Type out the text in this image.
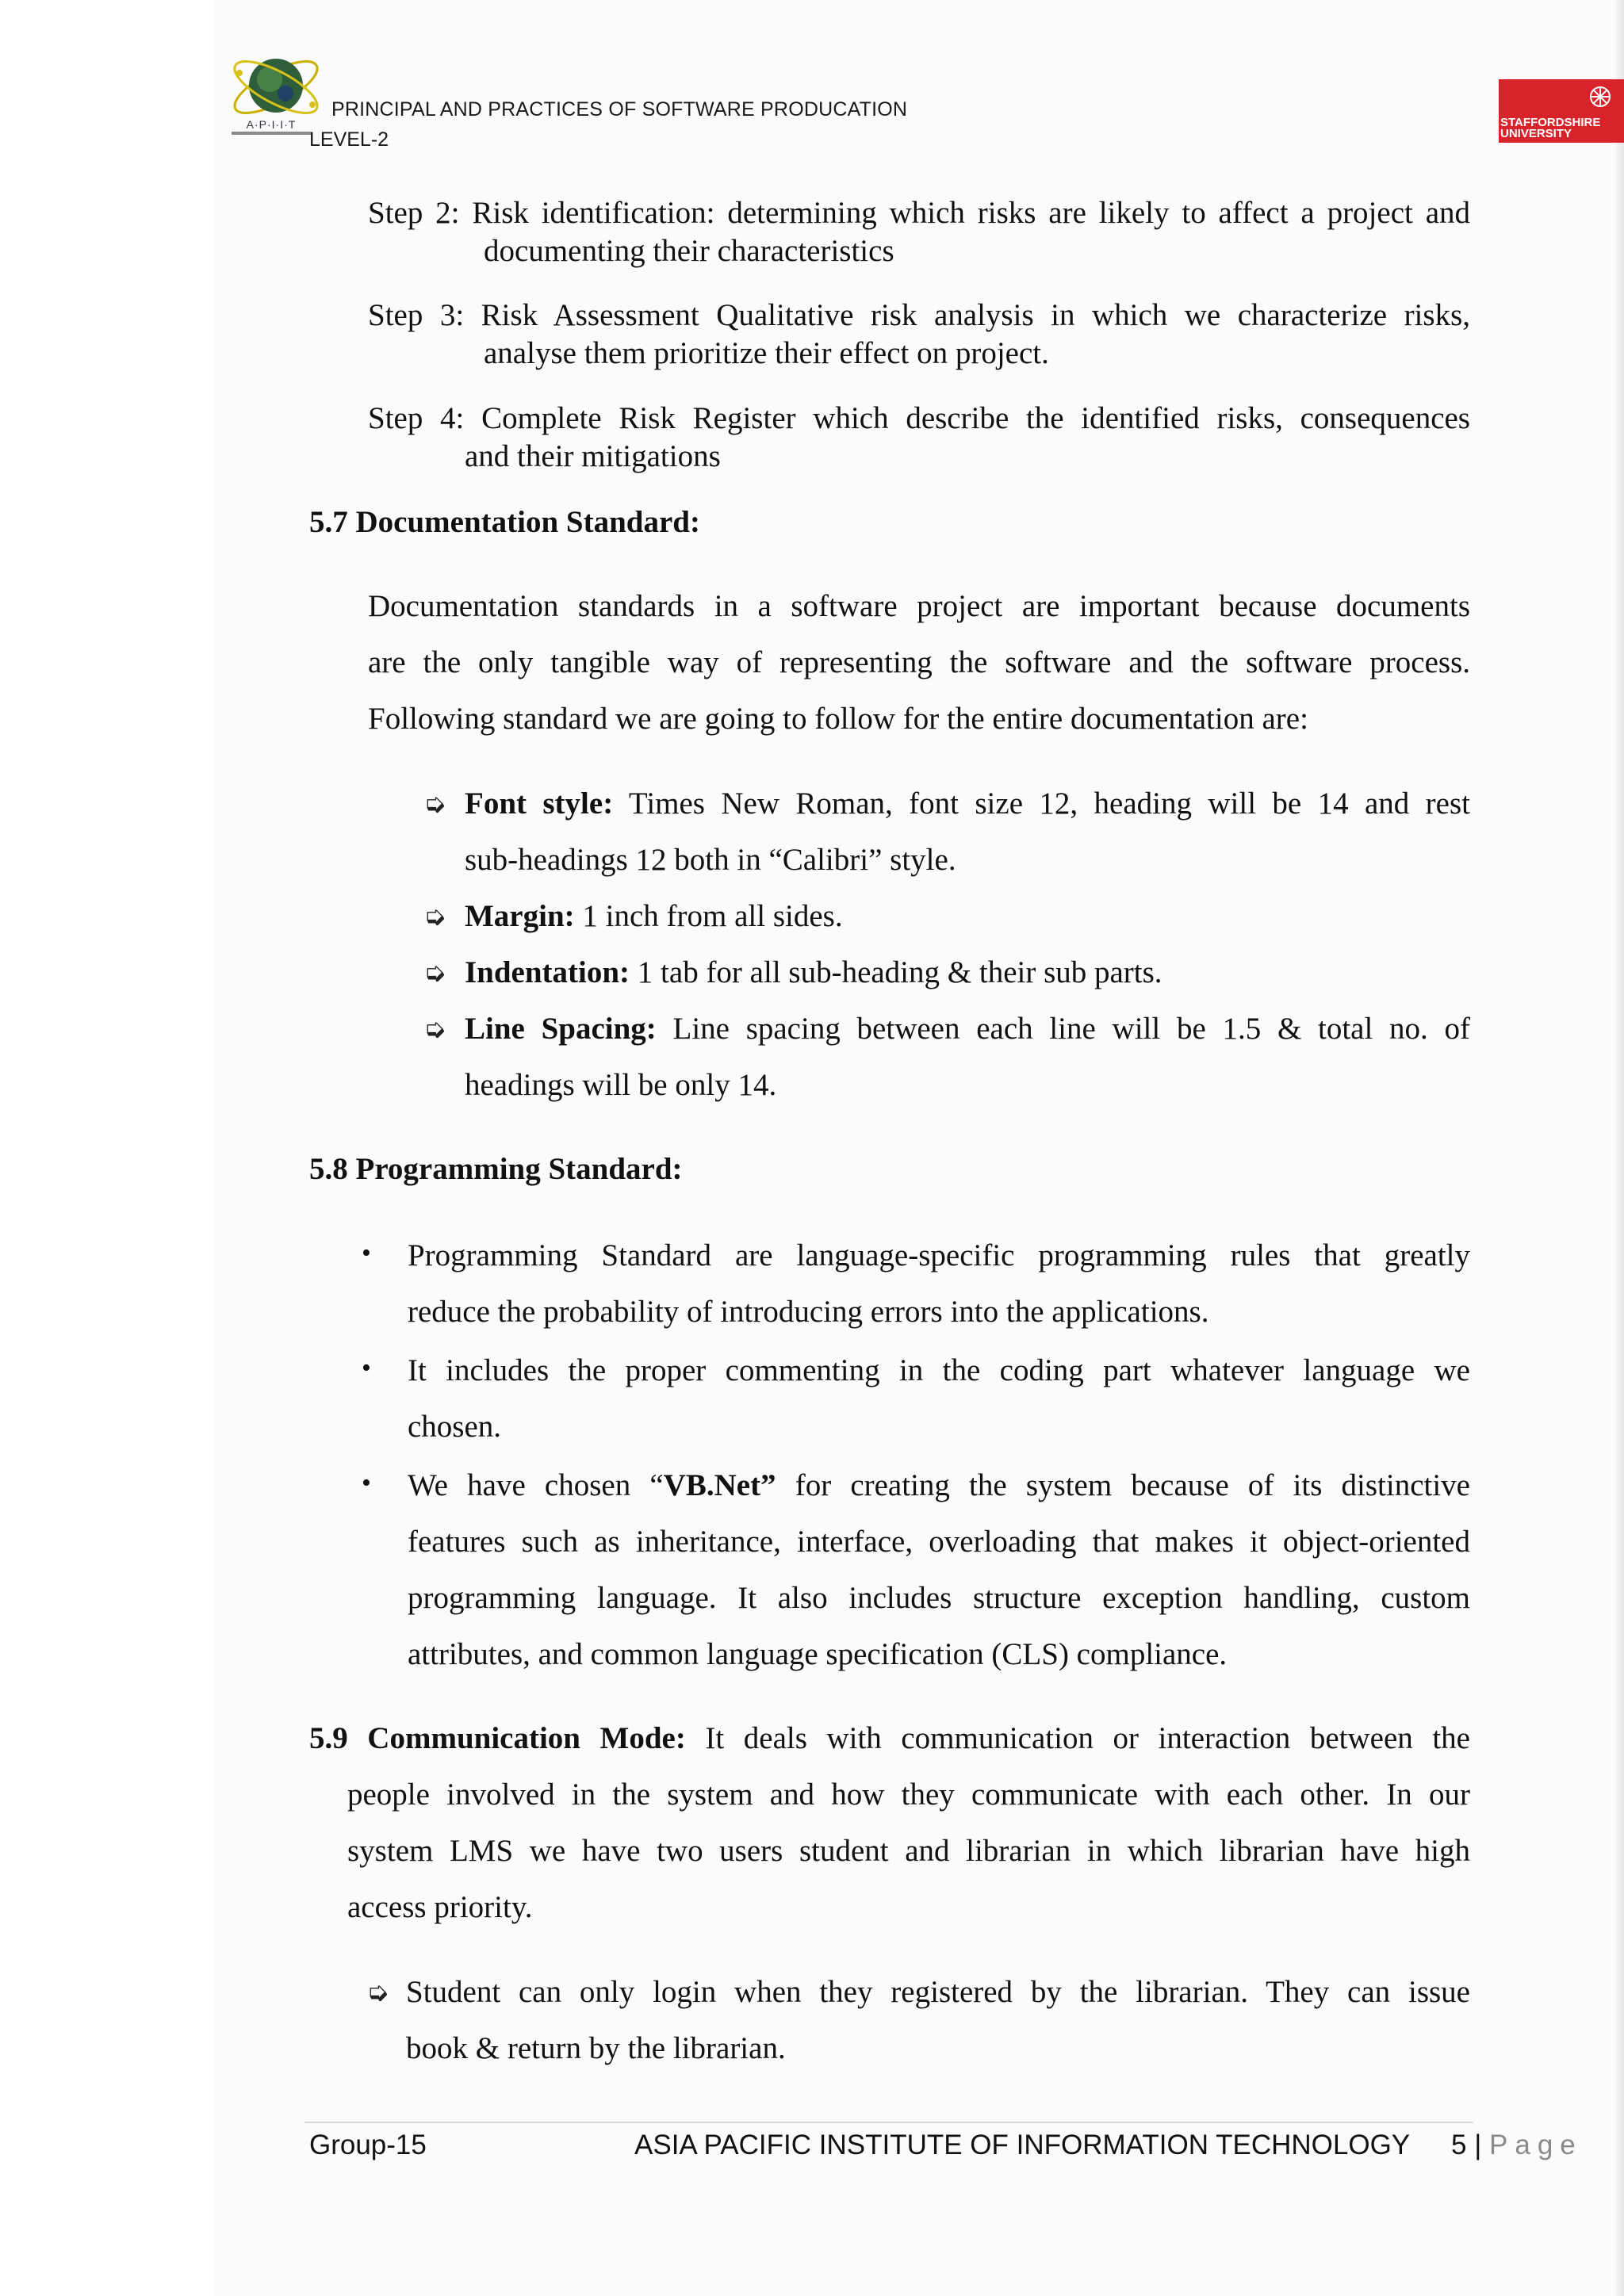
A·P·I·I·T
PRINCIPAL AND PRACTICES OF SOFTWARE PRODUCATION
LEVEL-2
STAFFORDSHIRE
UNIVERSITY
Step 2: Risk identification: determining which risks are likely to affect a project and
documenting their characteristics
Step 3: Risk Assessment Qualitative risk analysis in which we characterize risks,
analyse them prioritize their effect on project.
Step 4: Complete Risk Register which describe the identified risks, consequences
and their mitigations
5.7 Documentation Standard:
Documentation standards in a software project are important because documents
are the only tangible way of representing the software and the software process.
Following standard we are going to follow for the entire documentation are:
➭ Font style: Times New Roman, font size 12, heading will be 14 and rest
sub-headings 12 both in “Calibri” style.
➭ Margin: 1 inch from all sides.
➭ Indentation: 1 tab for all sub-heading & their sub parts.
➭ Line Spacing: Line spacing between each line will be 1.5 & total no. of
headings will be only 14.
5.8 Programming Standard:
• Programming Standard are language-specific programming rules that greatly
reduce the probability of introducing errors into the applications.
• It includes the proper commenting in the coding part whatever language we
chosen.
• We have chosen “VB.Net” for creating the system because of its distinctive
features such as inheritance, interface, overloading that makes it object-oriented
programming language. It also includes structure exception handling, custom
attributes, and common language specification (CLS) compliance.
5.9 Communication Mode: It deals with communication or interaction between the
people involved in the system and how they communicate with each other. In our
system LMS we have two users student and librarian in which librarian have high
access priority.
➭ Student can only login when they registered by the librarian. They can issue
book & return by the librarian.
Group-15	ASIA PACIFIC INSTITUTE OF INFORMATION TECHNOLOGY 5 | Page
